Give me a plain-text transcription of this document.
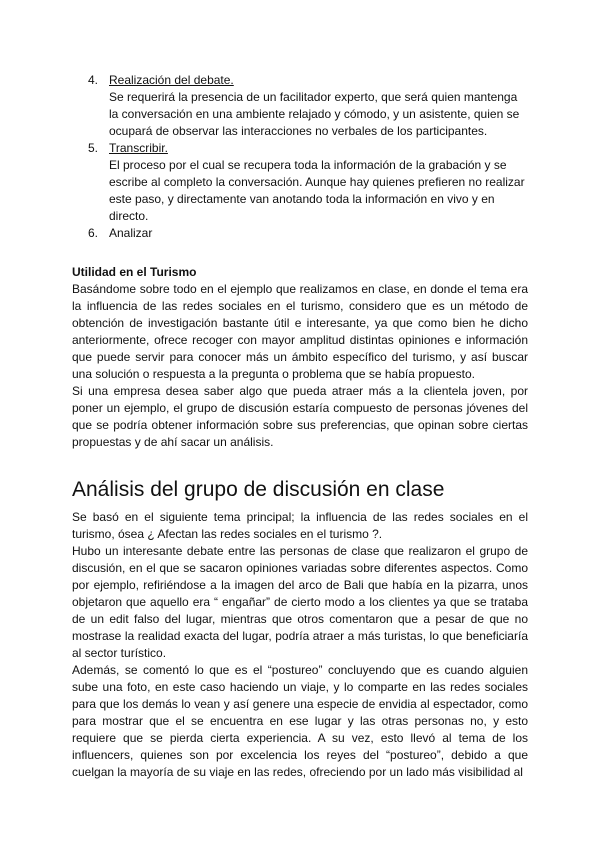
4. Realización del debate.
Se requerirá la presencia de un facilitador experto, que será quien mantenga la conversación en una ambiente relajado y cómodo, y un asistente, quien se ocupará de observar las interacciones no verbales de los participantes.
5. Transcribir.
El proceso por el cual se recupera toda la información de la grabación y se escribe al completo la conversación. Aunque hay quienes prefieren no realizar este paso, y directamente van anotando toda la información en vivo y en directo.
6. Analizar

Utilidad en el Turismo

Basándome sobre todo en el ejemplo que realizamos en clase, en donde el tema era la influencia de las redes sociales en el turismo, considero que es un método de obtención de investigación bastante útil e interesante, ya que como bien he dicho anteriormente, ofrece recoger con mayor amplitud distintas opiniones e información que puede servir para conocer más un ámbito específico del turismo, y así buscar una solución o respuesta a la pregunta o problema que se había propuesto.

Si una empresa desea saber algo que pueda atraer más a la clientela joven, por poner un ejemplo, el grupo de discusión estaría compuesto de personas jóvenes del que se podría obtener información sobre sus preferencias, que opinan sobre ciertas propuestas y de ahí sacar un análisis.

Análisis del grupo de discusión en clase

Se basó en el siguiente tema principal; la influencia de las redes sociales en el turismo, ósea ¿ Afectan las redes sociales en el turismo ?.

Hubo un interesante debate entre las personas de clase que realizaron el grupo de discusión, en el que se sacaron opiniones variadas sobre diferentes aspectos. Como por ejemplo, refiriéndose a la imagen del arco de Bali que había en la pizarra, unos objetaron que aquello era “ engañar” de cierto modo a los clientes ya que se trataba de un edit falso del lugar, mientras que otros comentaron que a pesar de que no mostrase la realidad exacta del lugar, podría atraer a más turistas, lo que beneficiaría al sector turístico.

Además, se comentó lo que es el “postureo” concluyendo que es cuando alguien sube una foto, en este caso haciendo un viaje, y lo comparte en las redes sociales para que los demás lo vean y así genere una especie de envidia al espectador, como para mostrar que el se encuentra en ese lugar y las otras personas no, y esto requiere que se pierda cierta experiencia. A su vez, esto llevó al tema de los influencers, quienes son por excelencia los reyes del “postureo”, debido a que cuelgan la mayoría de su viaje en las redes, ofreciendo por un lado más visibilidad al
